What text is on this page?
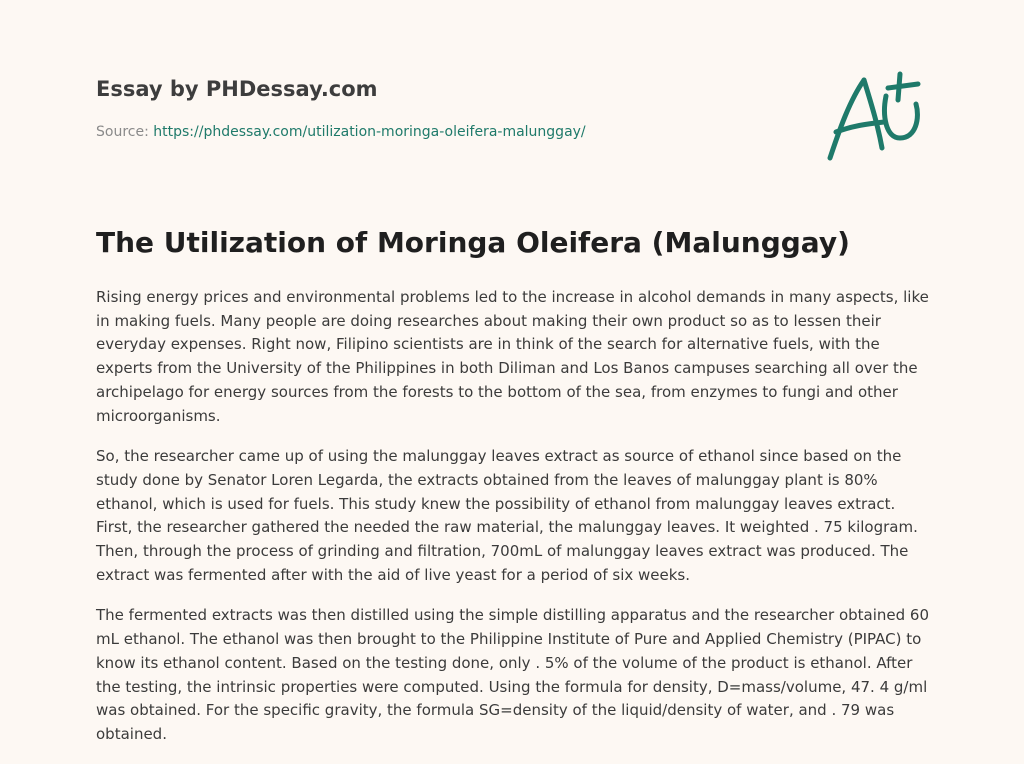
Essay by PHDessay.com
Source: https://phdessay.com/utilization-moringa-oleifera-malunggay/
The Utilization of Moringa Oleifera (Malunggay)

Rising energy prices and environmental problems led to the increase in alcohol demands in many aspects, like in making fuels. Many people are doing researches about making their own product so as to lessen their everyday expenses. Right now, Filipino scientists are in think of the search for alternative fuels, with the experts from the University of the Philippines in both Diliman and Los Banos campuses searching all over the archipelago for energy sources from the forests to the bottom of the sea, from enzymes to fungi and other microorganisms.

So, the researcher came up of using the malunggay leaves extract as source of ethanol since based on the study done by Senator Loren Legarda, the extracts obtained from the leaves of malunggay plant is 80% ethanol, which is used for fuels. This study knew the possibility of ethanol from malunggay leaves extract. First, the researcher gathered the needed the raw material, the malunggay leaves. It weighted . 75 kilogram. Then, through the process of grinding and filtration, 700mL of malunggay leaves extract was produced. The extract was fermented after with the aid of live yeast for a period of six weeks.

The fermented extracts was then distilled using the simple distilling apparatus and the researcher obtained 60 mL ethanol. The ethanol was then brought to the Philippine Institute of Pure and Applied Chemistry (PIPAC) to know its ethanol content. Based on the testing done, only . 5% of the volume of the product is ethanol. After the testing, the intrinsic properties were computed. Using the formula for density, D=mass/volume, 47. 4 g/ml was obtained. For the specific gravity, the formula SG=density of the liquid/density of water, and . 79 was obtained.
